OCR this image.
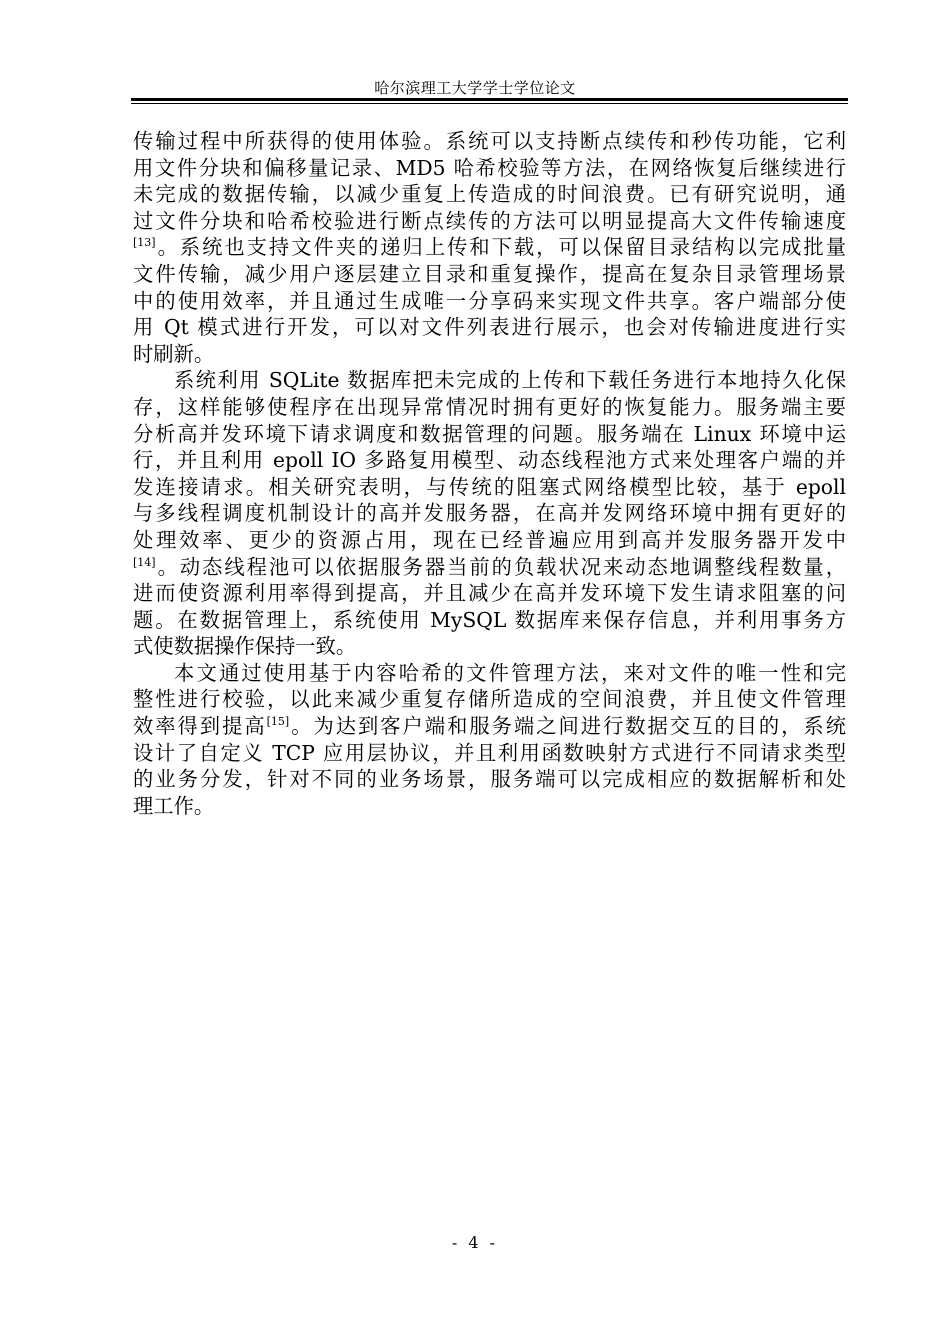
哈尔滨理工大学学士学位论文
传输过程中所获得的使用体验。系统可以支持断点续传和秒传功能，它利
用文件分块和偏移量记录、MD5 哈希校验等方法，在网络恢复后继续进行
未完成的数据传输，以减少重复上传造成的时间浪费。已有研究说明，通
过文件分块和哈希校验进行断点续传的方法可以明显提高大文件传输速度
[13]。系统也支持文件夹的递归上传和下载，可以保留目录结构以完成批量
文件传输，减少用户逐层建立目录和重复操作，提高在复杂目录管理场景
中的使用效率，并且通过生成唯一分享码来实现文件共享。客户端部分使
用 Qt 模式进行开发，可以对文件列表进行展示，也会对传输进度进行实
时刷新。
系统利用 SQLite 数据库把未完成的上传和下载任务进行本地持久化保
存，这样能够使程序在出现异常情况时拥有更好的恢复能力。服务端主要
分析高并发环境下请求调度和数据管理的问题。服务端在 Linux 环境中运
行，并且利用 epoll IO 多路复用模型、动态线程池方式来处理客户端的并
发连接请求。相关研究表明，与传统的阻塞式网络模型比较，基于 epoll
与多线程调度机制设计的高并发服务器，在高并发网络环境中拥有更好的
处理效率、更少的资源占用，现在已经普遍应用到高并发服务器开发中
[14]。动态线程池可以依据服务器当前的负载状况来动态地调整线程数量，
进而使资源利用率得到提高，并且减少在高并发环境下发生请求阻塞的问
题。在数据管理上，系统使用 MySQL 数据库来保存信息，并利用事务方
式使数据操作保持一致。
本文通过使用基于内容哈希的文件管理方法，来对文件的唯一性和完
整性进行校验，以此来减少重复存储所造成的空间浪费，并且使文件管理
效率得到提高[15]。为达到客户端和服务端之间进行数据交互的目的，系统
设计了自定义 TCP 应用层协议，并且利用函数映射方式进行不同请求类型
的业务分发，针对不同的业务场景，服务端可以完成相应的数据解析和处
理工作。
- 4 -
